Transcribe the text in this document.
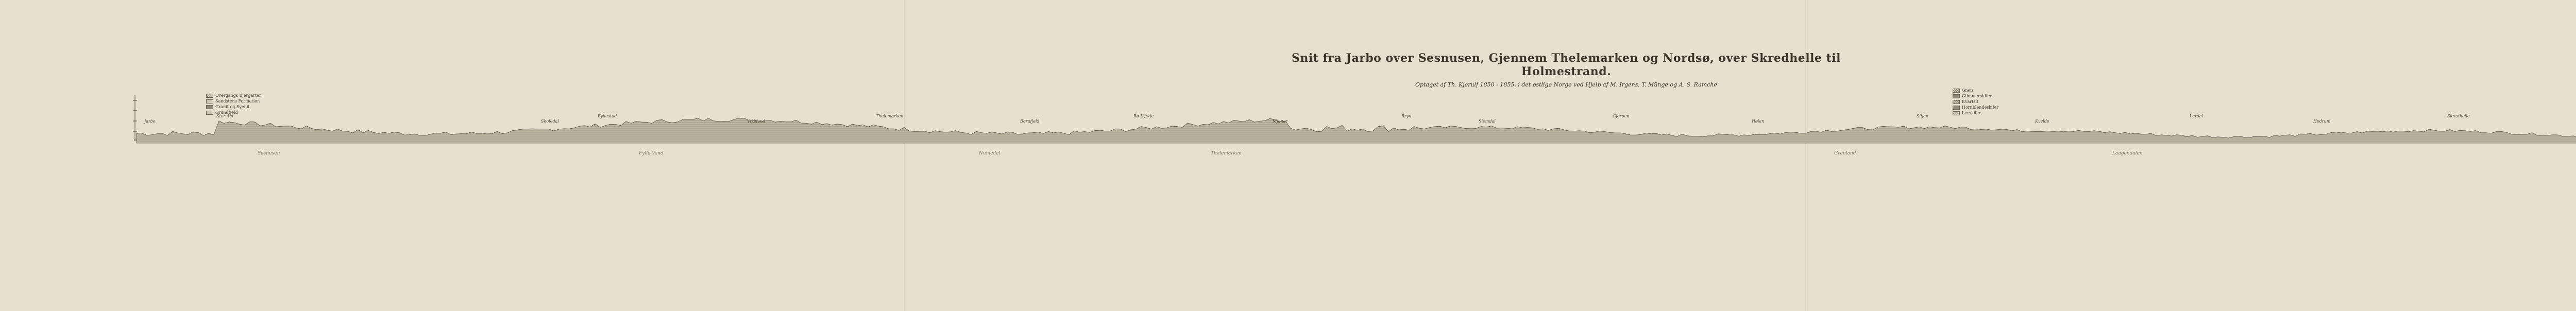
Snit fra Jarbo over Sesnusen, Gjennem Thelemarken og Nordsø, over Skredhelle til Holmestrand.
Optaget af Th. Kjerulf 1850 - 1855, i det østlige Norge ved Hjelp af M. Irgens, T. Münge og A. S. Ramche
Overgangs Bjergarter
Sandstens Formation
Granit og Syenit
Grundfjeld
Gneis
Glimmerskifer
Kvartsit
Hornblendeskifer
Lerskifer
Jarbo
Stor Aal
Skoledal
Fyllestad
Vikeland
Thelemarken
Borufjeld
Bø Kyrkje
Mjoner
Bryn
Slemdal
Gjerpen
Hølen
Siljan
Kvelde
Lardal
Hedrum
Skredhelle
Sesnusen	Fylle Vand	Numedal	Thelemarken	Grenland	Laagendalen
